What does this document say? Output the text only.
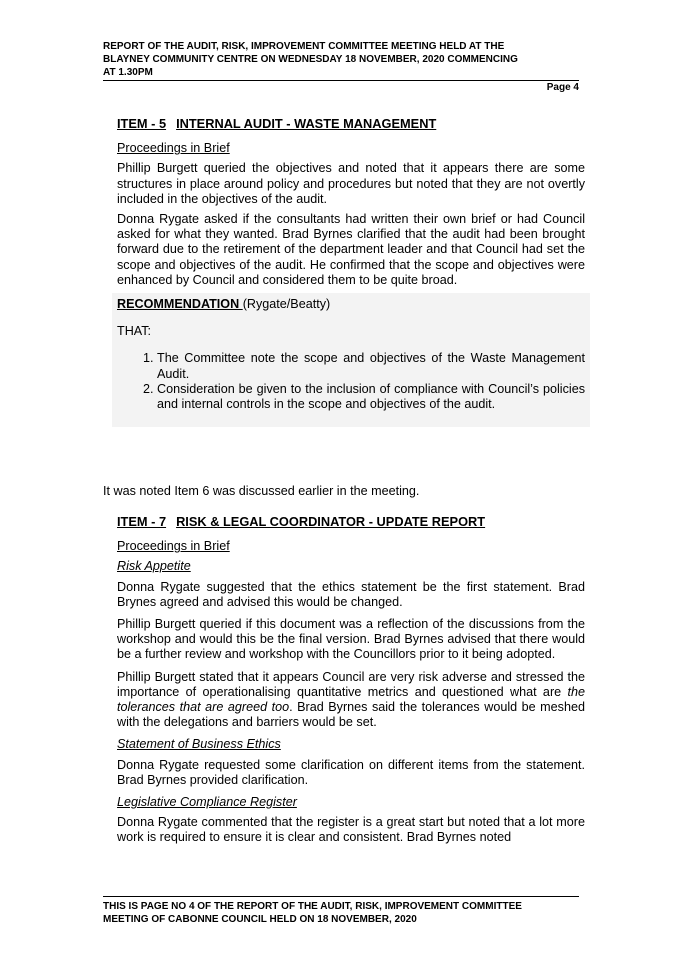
REPORT OF THE AUDIT, RISK, IMPROVEMENT COMMITTEE MEETING HELD AT THE
BLAYNEY COMMUNITY CENTRE ON WEDNESDAY 18 NOVEMBER, 2020 COMMENCING
AT 1.30PM
Page 4
ITEM - 5 INTERNAL AUDIT - WASTE MANAGEMENT
Proceedings in Brief

Phillip Burgett queried the objectives and noted that it appears there are some structures in place around policy and procedures but noted that they are not overtly included in the objectives of the audit.

Donna Rygate asked if the consultants had written their own brief or had Council asked for what they wanted. Brad Byrnes clarified that the audit had been brought forward due to the retirement of the department leader and that Council had set the scope and objectives of the audit. He confirmed that the scope and objectives were enhanced by Council and considered them to be quite broad.

RECOMMENDATION (Rygate/Beatty)
THAT:
1. The Committee note the scope and objectives of the Waste Management Audit.
2. Consideration be given to the inclusion of compliance with Council’s policies and internal controls in the scope and objectives of the audit.
It was noted Item 6 was discussed earlier in the meeting.
ITEM - 7 RISK & LEGAL COORDINATOR - UPDATE REPORT
Proceedings in Brief
Risk Appetite

Donna Rygate suggested that the ethics statement be the first statement. Brad Brynes agreed and advised this would be changed.

Phillip Burgett queried if this document was a reflection of the discussions from the workshop and would this be the final version. Brad Byrnes advised that there would be a further review and workshop with the Councillors prior to it being adopted.

Phillip Burgett stated that it appears Council are very risk adverse and stressed the importance of operationalising quantitative metrics and questioned what are the tolerances that are agreed too. Brad Byrnes said the tolerances would be meshed with the delegations and barriers would be set.

Statement of Business Ethics

Donna Rygate requested some clarification on different items from the statement. Brad Byrnes provided clarification.

Legislative Compliance Register

Donna Rygate commented that the register is a great start but noted that a lot more work is required to ensure it is clear and consistent. Brad Byrnes noted

THIS IS PAGE NO 4 OF THE REPORT OF THE AUDIT, RISK, IMPROVEMENT COMMITTEE
MEETING OF CABONNE COUNCIL HELD ON 18 NOVEMBER, 2020
